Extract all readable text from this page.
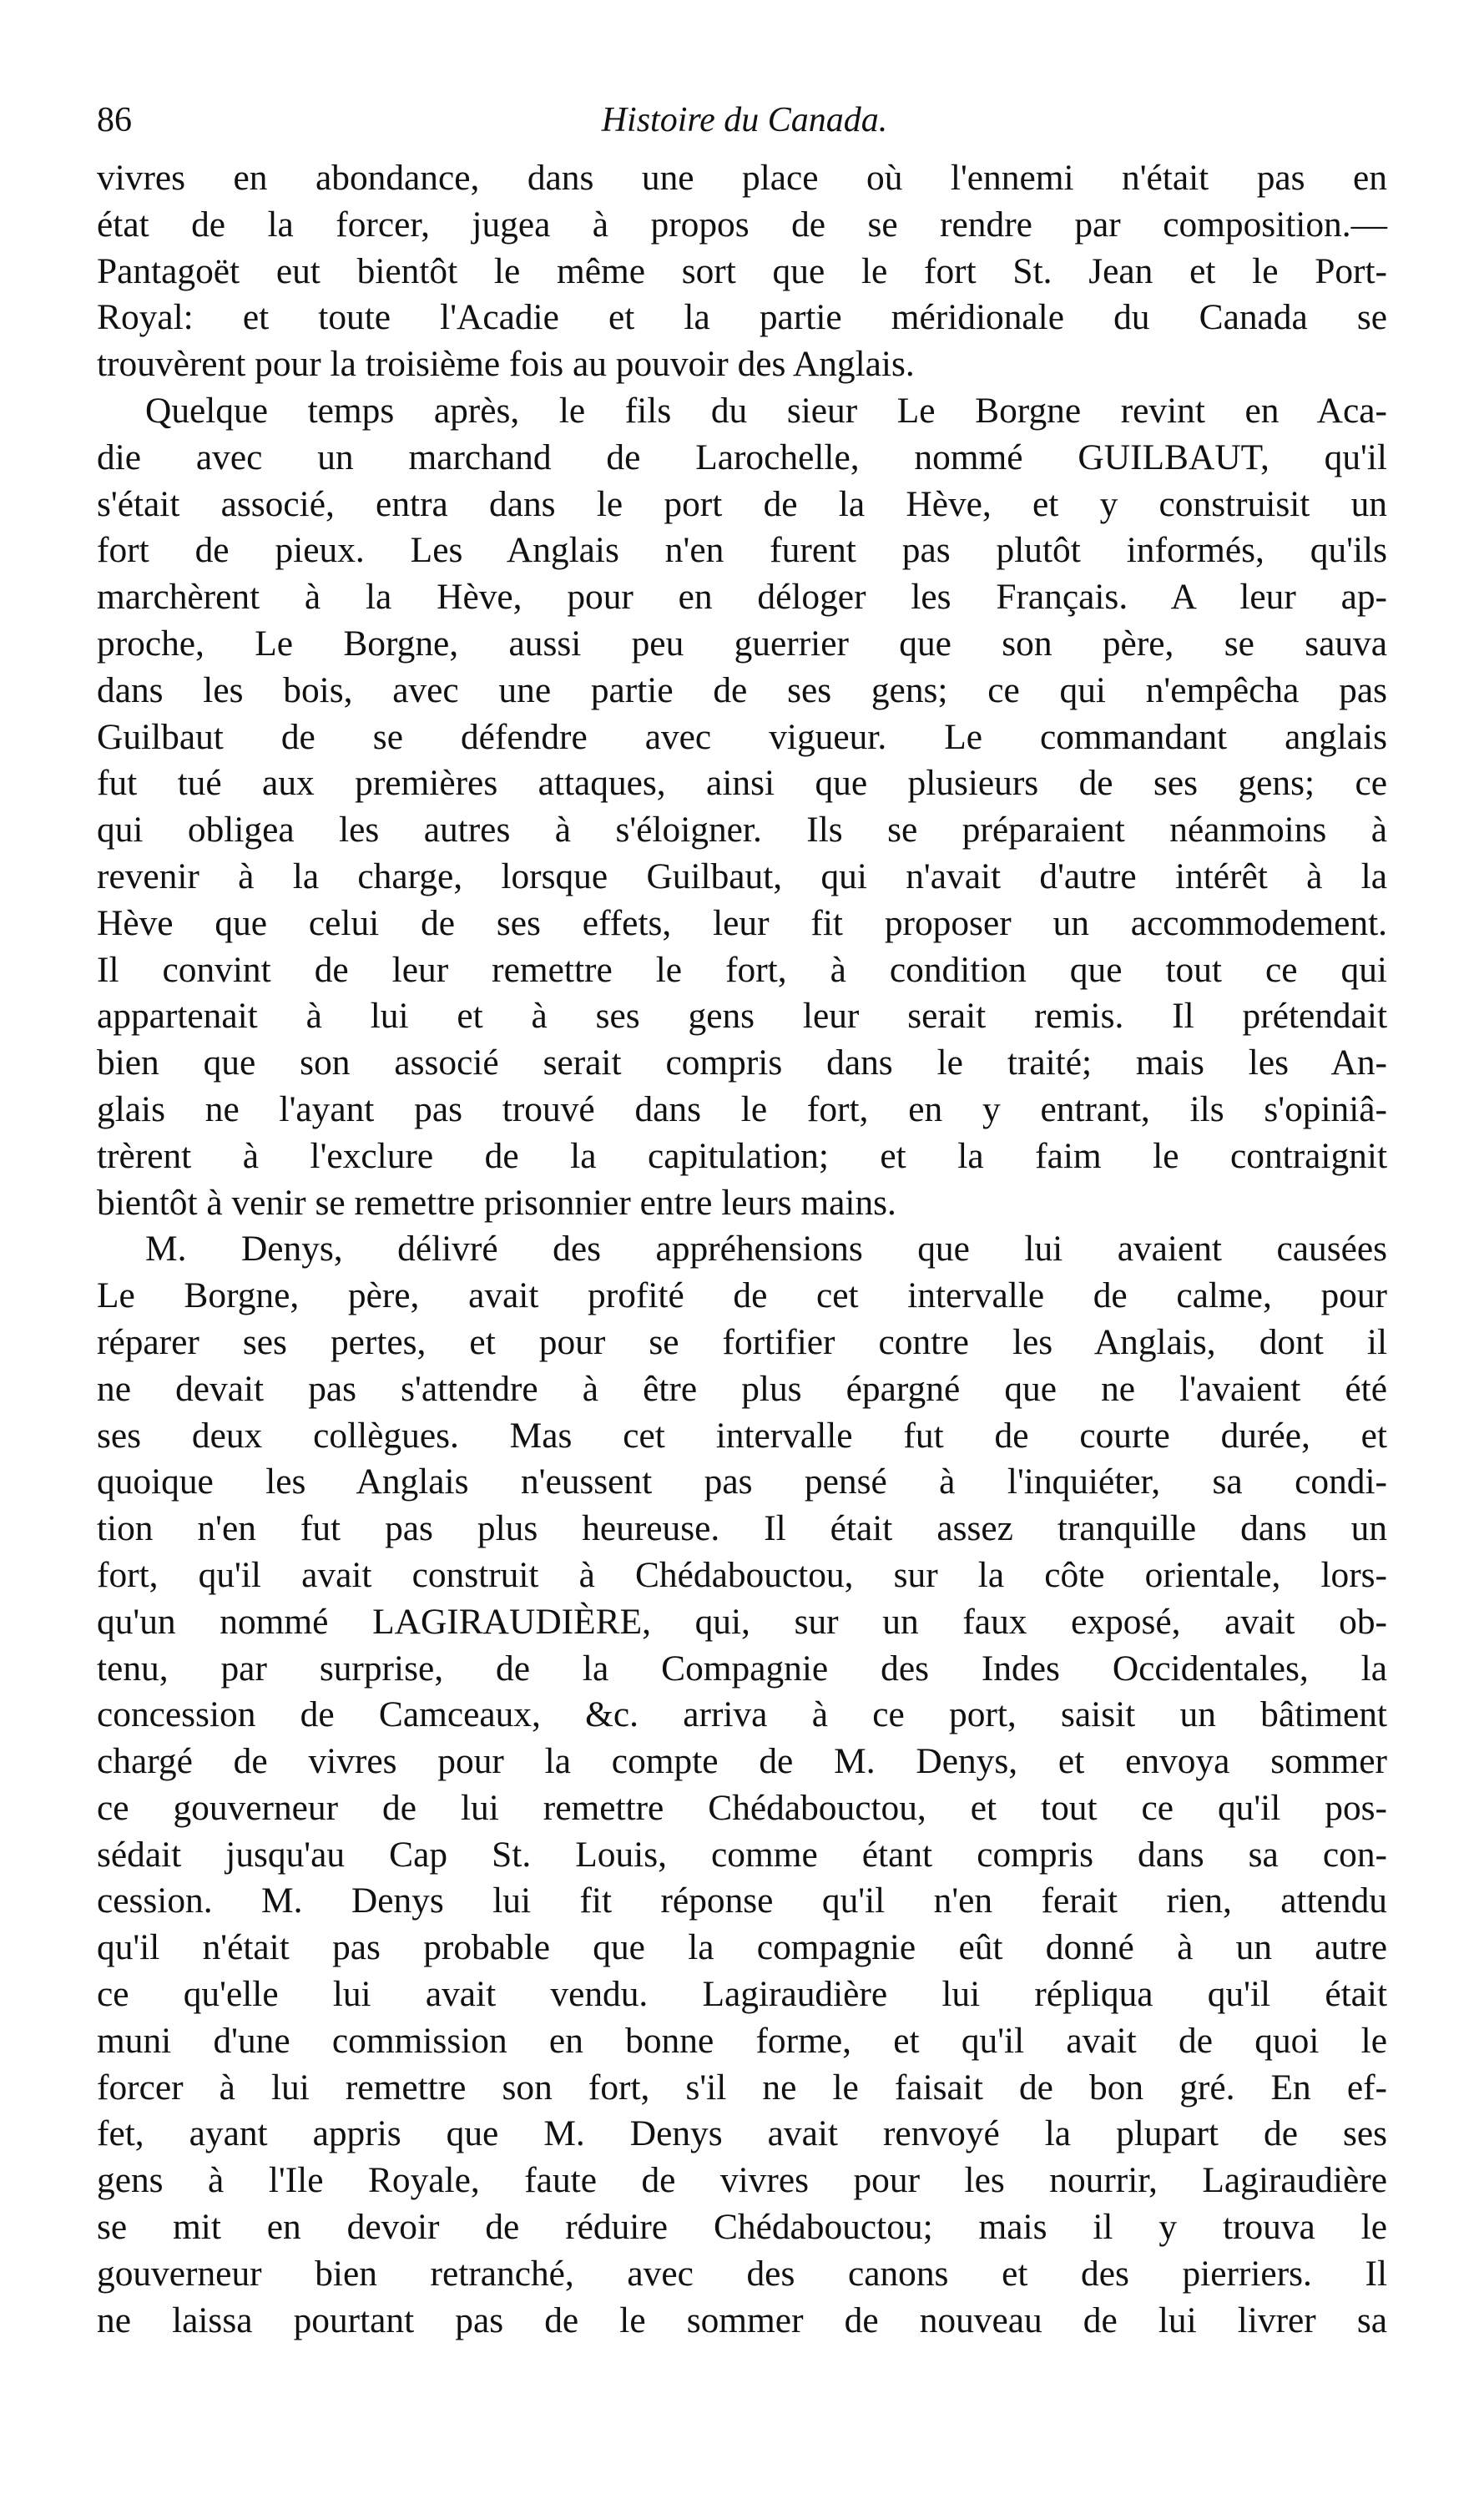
86	Histoire du Canada.
vivres en abondance, dans une place où l'ennemi n'était pas en
état de la forcer, jugea à propos de se rendre par composition.—
Pantagoët eut bientôt le même sort que le fort St. Jean et le Port-
Royal: et toute l'Acadie et la partie méridionale du Canada se
trouvèrent pour la troisième fois au pouvoir des Anglais.
Quelque temps après, le fils du sieur Le Borgne revint en Aca-
die avec un marchand de Larochelle, nommé GUILBAUT, qu'il
s'était associé, entra dans le port de la Hève, et y construisit un
fort de pieux. Les Anglais n'en furent pas plutôt informés, qu'ils
marchèrent à la Hève, pour en déloger les Français. A leur ap-
proche, Le Borgne, aussi peu guerrier que son père, se sauva
dans les bois, avec une partie de ses gens; ce qui n'empêcha pas
Guilbaut de se défendre avec vigueur. Le commandant anglais
fut tué aux premières attaques, ainsi que plusieurs de ses gens; ce
qui obligea les autres à s'éloigner. Ils se préparaient néanmoins à
revenir à la charge, lorsque Guilbaut, qui n'avait d'autre intérêt à la
Hève que celui de ses effets, leur fit proposer un accommodement.
Il convint de leur remettre le fort, à condition que tout ce qui
appartenait à lui et à ses gens leur serait remis. Il prétendait
bien que son associé serait compris dans le traité; mais les An-
glais ne l'ayant pas trouvé dans le fort, en y entrant, ils s'opiniâ-
trèrent à l'exclure de la capitulation; et la faim le contraignit
bientôt à venir se remettre prisonnier entre leurs mains.
M. Denys, délivré des appréhensions que lui avaient causées
Le Borgne, père, avait profité de cet intervalle de calme, pour
réparer ses pertes, et pour se fortifier contre les Anglais, dont il
ne devait pas s'attendre à être plus épargné que ne l'avaient été
ses deux collègues. Mas cet intervalle fut de courte durée, et
quoique les Anglais n'eussent pas pensé à l'inquiéter, sa condi-
tion n'en fut pas plus heureuse. Il était assez tranquille dans un
fort, qu'il avait construit à Chédabouctou, sur la côte orientale, lors-
qu'un nommé LAGIRAUDIÈRE, qui, sur un faux exposé, avait ob-
tenu, par surprise, de la Compagnie des Indes Occidentales, la
concession de Camceaux, &c. arriva à ce port, saisit un bâtiment
chargé de vivres pour la compte de M. Denys, et envoya sommer
ce gouverneur de lui remettre Chédabouctou, et tout ce qu'il pos-
sédait jusqu'au Cap St. Louis, comme étant compris dans sa con-
cession. M. Denys lui fit réponse qu'il n'en ferait rien, attendu
qu'il n'était pas probable que la compagnie eût donné à un autre
ce qu'elle lui avait vendu. Lagiraudière lui répliqua qu'il était
muni d'une commission en bonne forme, et qu'il avait de quoi le
forcer à lui remettre son fort, s'il ne le faisait de bon gré. En ef-
fet, ayant appris que M. Denys avait renvoyé la plupart de ses
gens à l'Ile Royale, faute de vivres pour les nourrir, Lagiraudière
se mit en devoir de réduire Chédabouctou; mais il y trouva le
gouverneur bien retranché, avec des canons et des pierriers. Il
ne laissa pourtant pas de le sommer de nouveau de lui livrer sa
